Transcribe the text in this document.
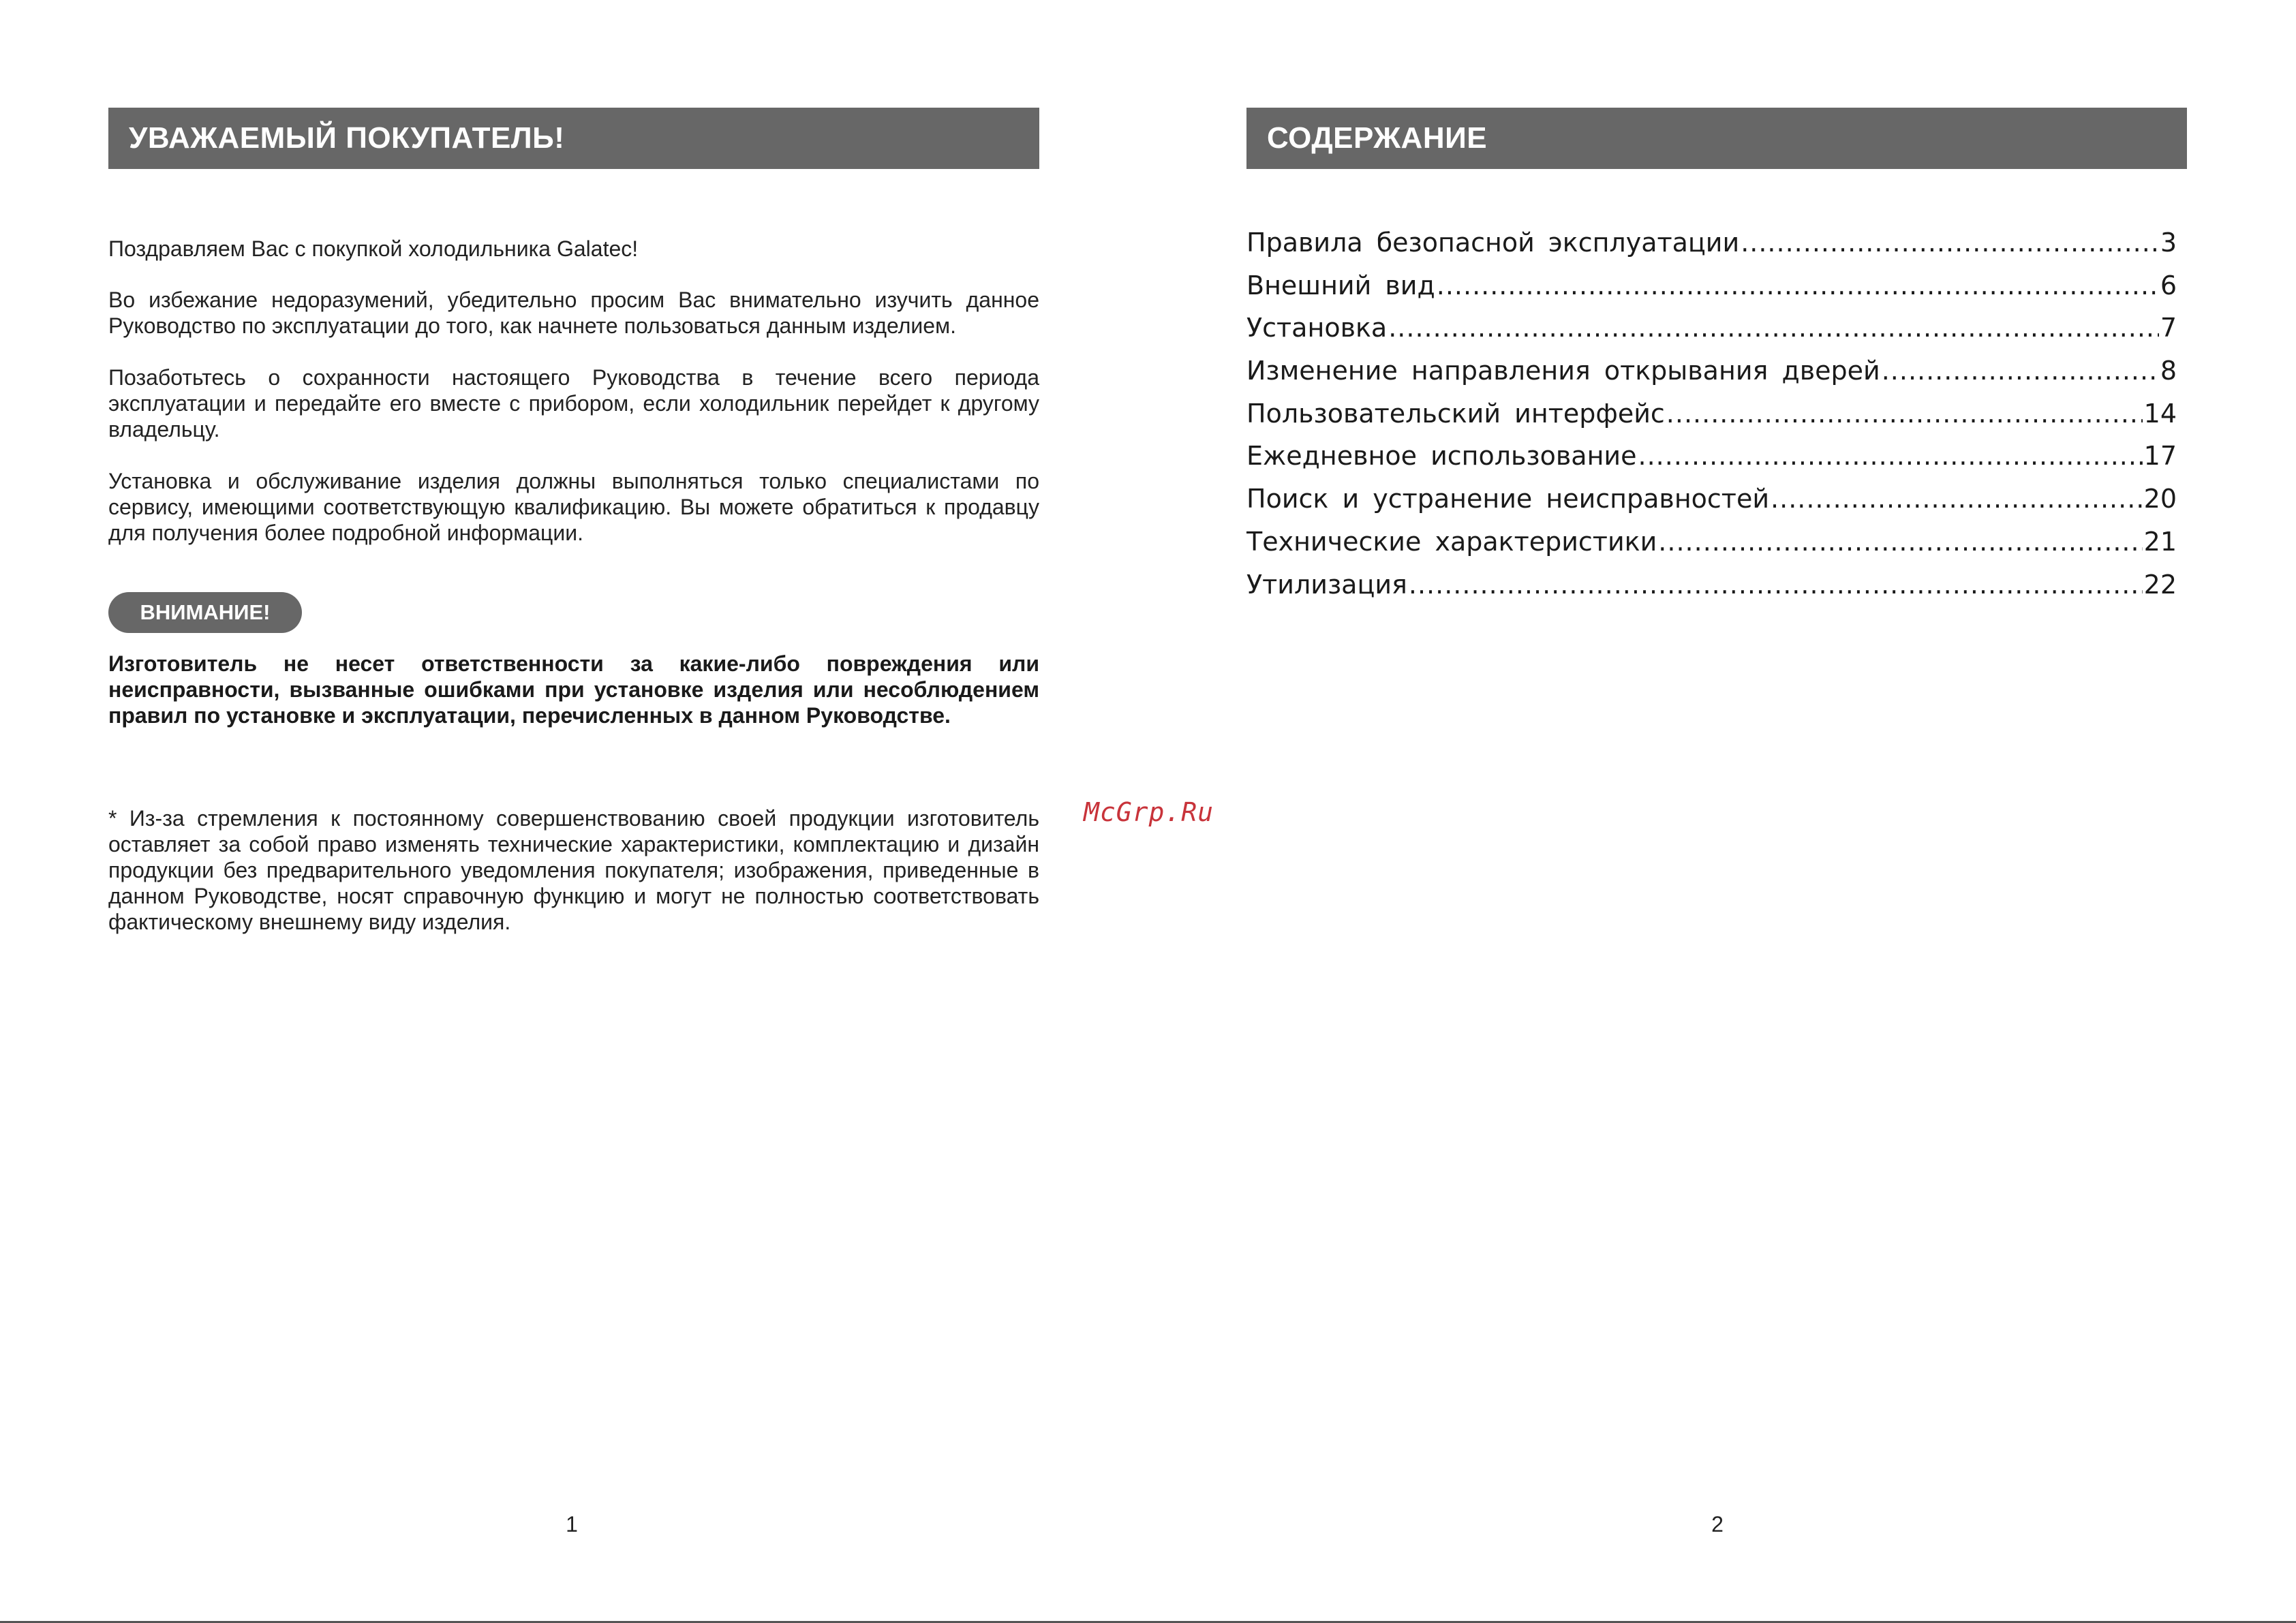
УВАЖАЕМЫЙ ПОКУПАТЕЛЬ!
Поздравляем Вас с покупкой холодильника Galatec!
Во избежание недоразумений, убедительно просим Вас внимательно изучить данное Руководство по эксплуатации до того, как начнете пользоваться данным изделием.
Позаботьтесь о сохранности настоящего Руководства в течение всего периода эксплуатации и передайте его вместе с прибором, если холодильник перейдет к другому владельцу.
Установка и обслуживание изделия должны выполняться только специалистами по сервису, имеющими соответствующую квалификацию. Вы можете обратиться к продавцу для получения более подробной информации.
ВНИМАНИЕ!
Изготовитель не несет ответственности за какие-либо повреждения или неисправности, вызванные ошибками при установке изделия или несоблюдением правил по установке и эксплуатации, перечисленных в данном Руководстве.
* Из-за стремления к постоянному совершенствованию своей продукции изготовитель оставляет за собой право изменять технические характеристики, комплектацию и дизайн продукции без предварительного уведомления покупателя; изображения, приведенные в данном Руководстве, носят справочную функцию и могут не полностью соответствовать фактическому внешнему виду изделия.
1
McGrp.Ru
СОДЕРЖАНИЕ
Правила безопасной эксплуатации .....	3
Внешний вид .....	6
Установка .....	7
Изменение направления открывания дверей .....	8
Пользовательский интерфейс .....	14
Ежедневное использование .....	17
Поиск и устранение неисправностей .....	20
Технические характеристики .....	21
Утилизация .....	22
2
